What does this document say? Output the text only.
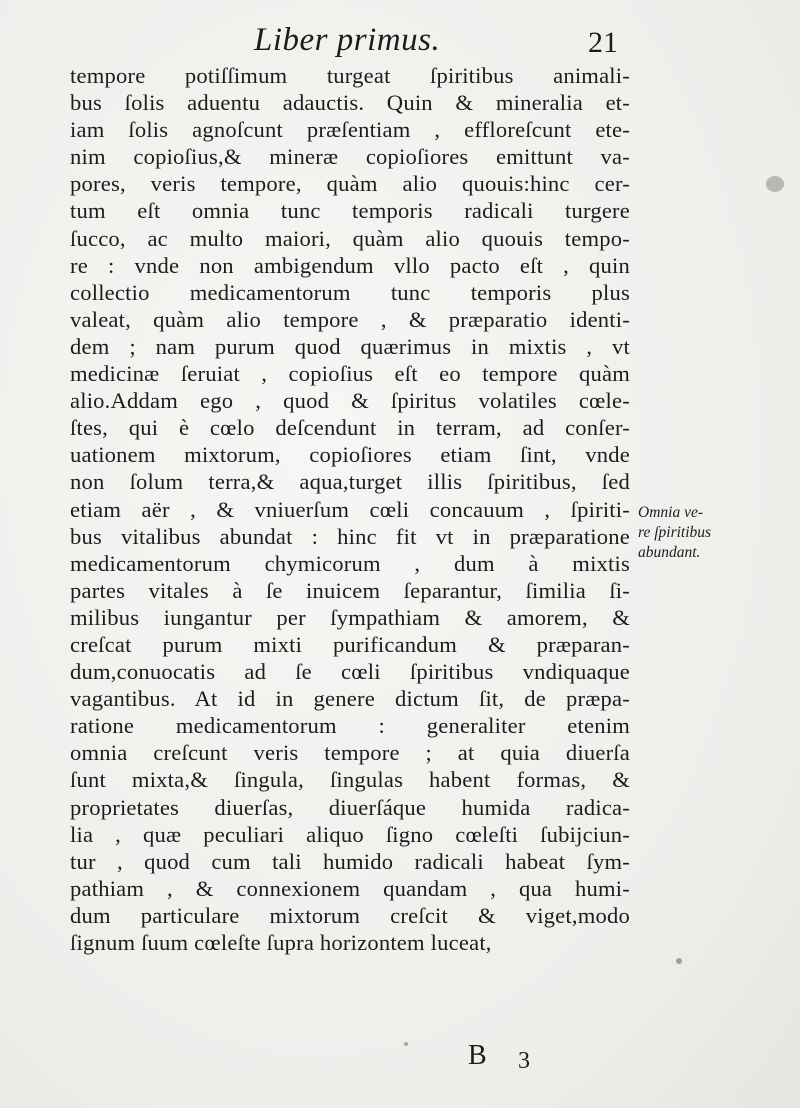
Liber primus.	21
tempore potiſſimum turgeat ſpiritibus animali-
bus ſolis aduentu adauctis. Quin & mineralia et-
iam ſolis agnoſcunt præſentiam , effloreſcunt ete-
nim copioſius,& mineræ copioſiores emittunt va-
pores, veris tempore, quàm alio quouis:hinc cer-
tum eſt omnia tunc temporis radicali turgere
ſucco, ac multo maiori, quàm alio quouis tempo-
re : vnde non ambigendum vllo pacto eſt , quin
collectio medicamentorum tunc temporis plus
valeat, quàm alio tempore , & præparatio identi-
dem ; nam purum quod quærimus in mixtis , vt
medicinæ ſeruiat , copioſius eſt eo tempore quàm
alio.Addam ego , quod & ſpiritus volatiles cœle-
ſtes, qui è cœlo deſcendunt in terram, ad conſer-
uationem mixtorum, copioſiores etiam ſint, vnde
non ſolum terra,& aqua,turget illis ſpiritibus, ſed
etiam aër , & vniuerſum cœli concauum , ſpiriti-
bus vitalibus abundat : hinc fit vt in præparatione
medicamentorum chymicorum , dum à mixtis
partes vitales à ſe inuicem ſeparantur, ſimilia ſi-
milibus iungantur per ſympathiam & amorem, &
creſcat purum mixti purificandum & præparan-
dum,conuocatis ad ſe cœli ſpiritibus vndiquaque
vagantibus. At id in genere dictum ſit, de præpa-
ratione medicamentorum : generaliter etenim
omnia creſcunt veris tempore ; at quia diuerſa
ſunt mixta,& ſingula, ſingulas habent formas, &
proprietates diuerſas, diuerſáque humida radica-
lia , quæ peculiari aliquo ſigno cœleſti ſubijciun-
tur , quod cum tali humido radicali habeat ſym-
pathiam , & connexionem quandam , qua humi-
dum particulare mixtorum creſcit & viget,modo
ſignum ſuum cœleſte ſupra horizontem luceat,
Omnia ve-
re ſpiritibus
abundant.
B 3
